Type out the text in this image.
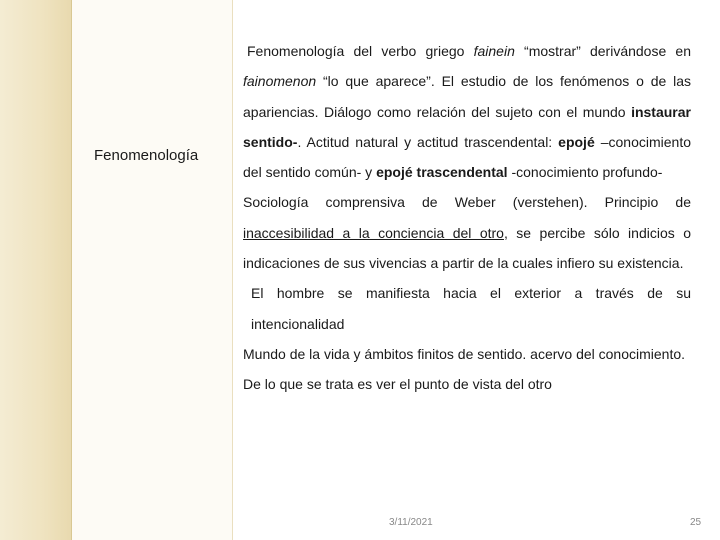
Fenomenología

Fenomenología del verbo griego fainein “mostrar” derivándose en fainomenon “lo que aparece”. El estudio de los fenómenos o de las apariencias. Diálogo como relación del sujeto con el mundo instaurar sentido-. Actitud natural y actitud trascendental: epojé –conocimiento del sentido común- y epojé trascendental -conocimiento profundo-

Sociología comprensiva de Weber (verstehen). Principio de inaccesibilidad a la conciencia del otro, se percibe sólo indicios o indicaciones de sus vivencias a partir de la cuales infiero su existencia.

El hombre se manifiesta hacia el exterior a través de su intencionalidad

Mundo de la vida y ámbitos finitos de sentido. acervo del conocimiento.

De lo que se trata es ver el punto de vista del otro

3/11/2021	25
